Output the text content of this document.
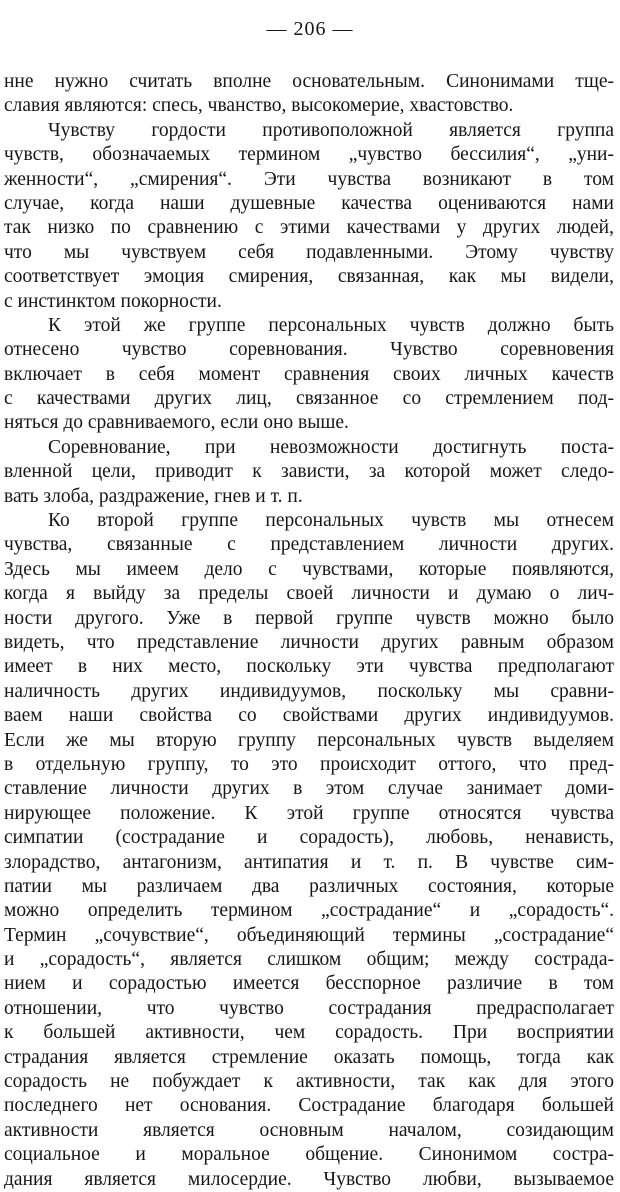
— 206 —
нне нужно считать вполне основательным. Синонимами тще-
славия являются: спесь, чванство, высокомерие, хвастовство.
Чувству гордости противоположной является группа
чувств, обозначаемых термином „чувство бессилия“, „уни-
женности“, „смирения“. Эти чувства возникают в том
случае, когда наши душевные качества оцениваются нами
так низко по сравнению с этими качествами у других людей,
что мы чувствуем себя подавленными. Этому чувству
соответствует эмоция смирения, связанная, как мы видели,
с инстинктом покорности.
К этой же группе персональных чувств должно быть
отнесено чувство соревнования. Чувство соревновения
включает в себя момент сравнения своих личных качеств
с качествами других лиц, связанное со стремлением под-
няться до сравниваемого, если оно выше.
Соревнование, при невозможности достигнуть поста-
вленной цели, приводит к зависти, за которой может следо-
вать злоба, раздражение, гнев и т. п.
Ко второй группе персональных чувств мы отнесем
чувства, связанные с представлением личности других.
Здесь мы имеем дело с чувствами, которые появляются,
когда я выйду за пределы своей личности и думаю о лич-
ности другого. Уже в первой группе чувств можно было
видеть, что представление личности других равным образом
имеет в них место, поскольку эти чувства предполагают
наличность других индивидуумов, поскольку мы сравни-
ваем наши свойства со свойствами других индивидуумов.
Если же мы вторую группу персональных чувств выделяем
в отдельную группу, то это происходит оттого, что пред-
ставление личности других в этом случае занимает доми-
нирующее положение. К этой группе относятся чувства
симпатии (сострадание и сорадость), любовь, ненависть,
злорадство, антагонизм, антипатия и т. п. В чувстве сим-
патии мы различаем два различных состояния, которые
можно определить термином „сострадание“ и „сорадость“.
Термин „сочувствие“, объединяющий термины „сострадание“
и „сорадость“, является слишком общим; между сострада-
нием и сорадостью имеется бесспорное различие в том
отношении, что чувство сострадания предрасполагает
к большей активности, чем сорадость. При восприятии
страдания является стремление оказать помощь, тогда как
сорадость не побуждает к активности, так как для этого
последнего нет основания. Сострадание благодаря большей
активности является основным началом, созидающим
социальное и моральное общение. Синонимом состра-
дания является милосердие. Чувство любви, вызываемое
